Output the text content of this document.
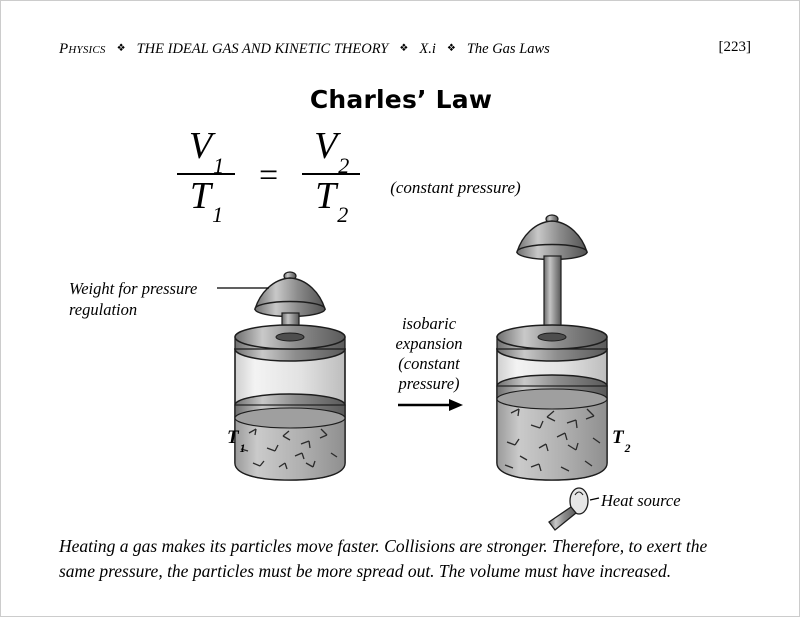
Physics ❖ THE IDEAL GAS AND KINETIC THEORY ❖ X.i ❖ The Gas Laws	[223]
Charles’ Law
$\frac{V_1}{T_1} = \frac{V_2}{T_2}$ (constant pressure)
Weight for pressure
regulation
isobaric
expansion
(constant
pressure)
$T_1$
$T_2$
Heat source
Heating a gas makes its particles move faster. Collisions are stronger. Therefore, to exert the
same pressure, the particles must be more spread out. The volume must have increased.
